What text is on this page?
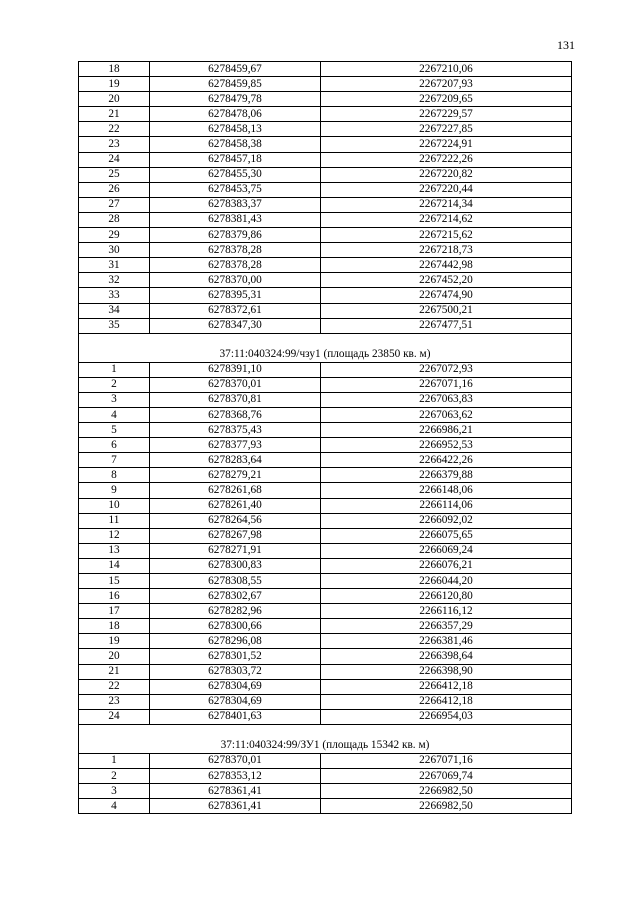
131
18	6278459,67	2267210,06
19	6278459,85	2267207,93
20	6278479,78	2267209,65
21	6278478,06	2267229,57
22	6278458,13	2267227,85
23	6278458,38	2267224,91
24	6278457,18	2267222,26
25	6278455,30	2267220,82
26	6278453,75	2267220,44
27	6278383,37	2267214,34
28	6278381,43	2267214,62
29	6278379,86	2267215,62
30	6278378,28	2267218,73
31	6278378,28	2267442,98
32	6278370,00	2267452,20
33	6278395,31	2267474,90
34	6278372,61	2267500,21
35	6278347,30	2267477,51

37:11:040324:99/чзу1 (площадь 23850 кв. м)		
1	6278391,10	2267072,93
2	6278370,01	2267071,16
3	6278370,81	2267063,83
4	6278368,76	2267063,62
5	6278375,43	2266986,21
6	6278377,93	2266952,53
7	6278283,64	2266422,26
8	6278279,21	2266379,88
9	6278261,68	2266148,06
10	6278261,40	2266114,06
11	6278264,56	2266092,02
12	6278267,98	2266075,65
13	6278271,91	2266069,24
14	6278300,83	2266076,21
15	6278308,55	2266044,20
16	6278302,67	2266120,80
17	6278282,96	2266116,12
18	6278300,66	2266357,29
19	6278296,08	2266381,46
20	6278301,52	2266398,64
21	6278303,72	2266398,90
22	6278304,69	2266412,18
23	6278304,69	2266412,18
24	6278401,63	2266954,03

37:11:040324:99/ЗУ1 (площадь 15342 кв. м)		
1	6278370,01	2267071,16
2	6278353,12	2267069,74
3	6278361,41	2266982,50
4	6278361,41	2266982,50
